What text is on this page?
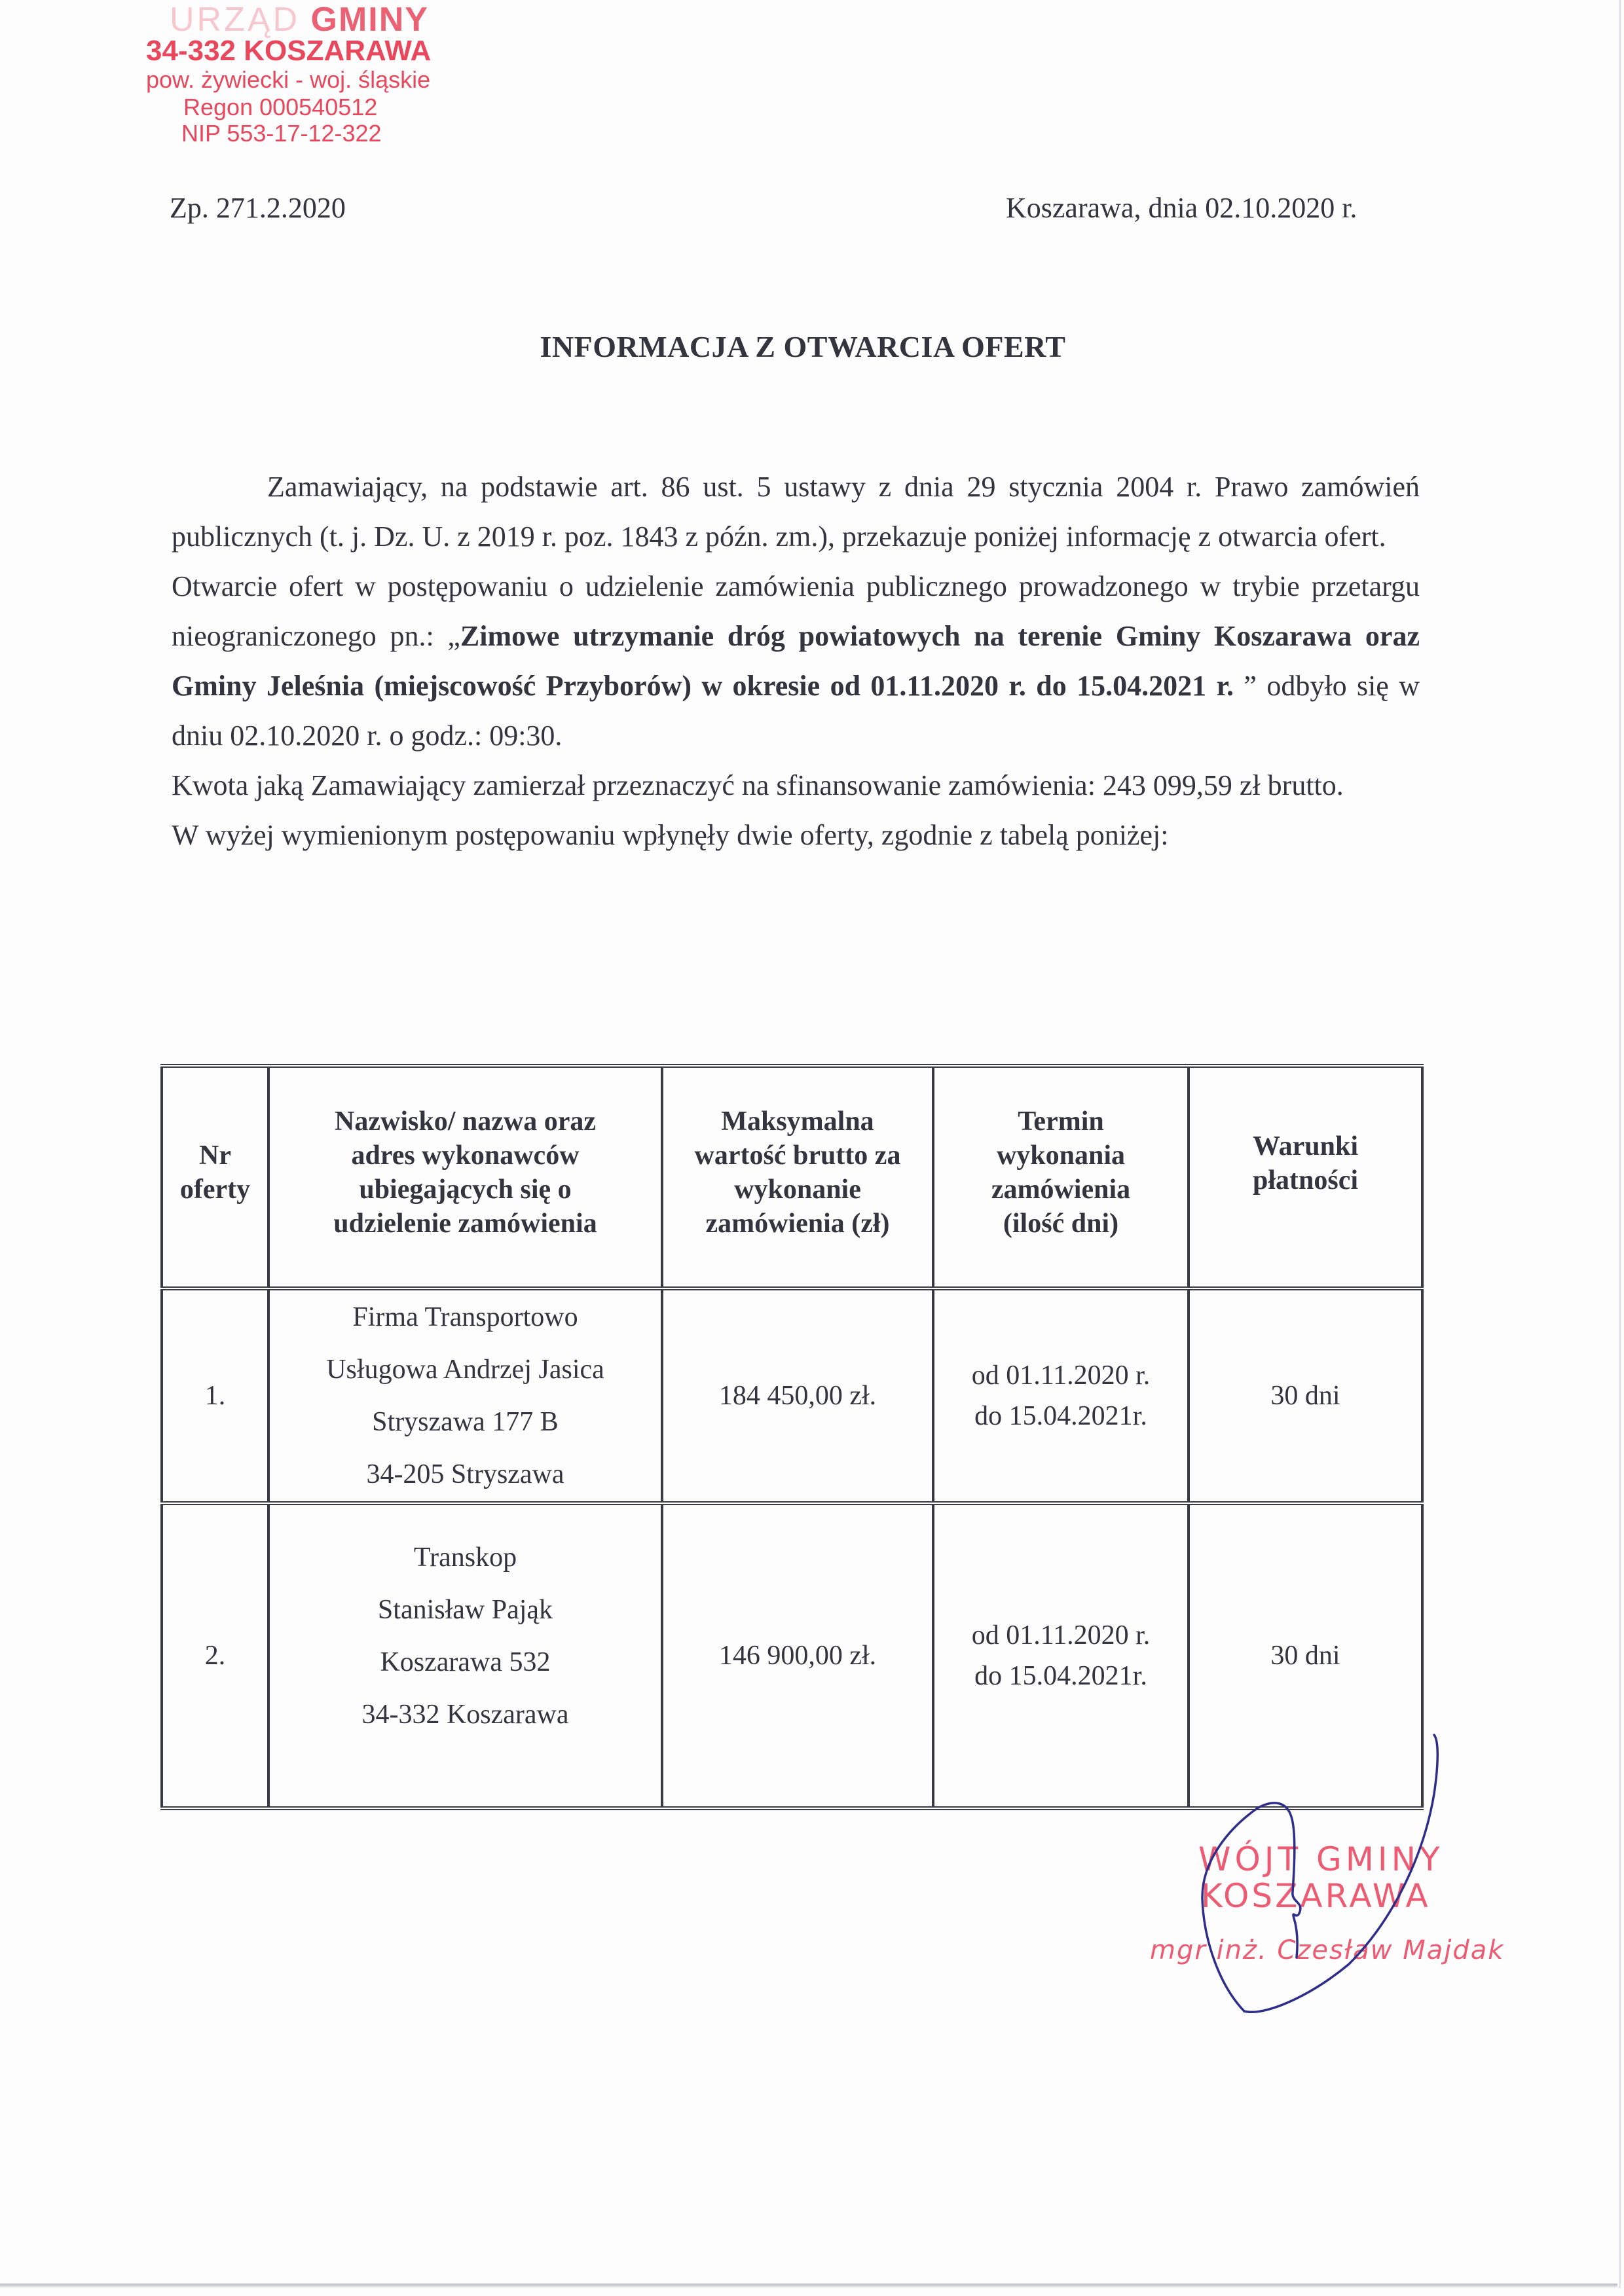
URZĄD GMINY
34-332 KOSZARAWA
pow. żywiecki - woj. śląskie
Regon 000540512
NIP 553-17-12-322
Zp. 271.2.2020	Koszarawa, dnia 02.10.2020 r.
INFORMACJA Z OTWARCIA OFERT

Zamawiający, na podstawie art. 86 ust. 5 ustawy z dnia 29 stycznia 2004 r. Prawo zamówień publicznych (t. j. Dz. U. z 2019 r. poz. 1843 z późn. zm.), przekazuje poniżej informację z otwarcia ofert.

Otwarcie ofert w postępowaniu o udzielenie zamówienia publicznego prowadzonego w trybie przetargu nieograniczonego pn.: „Zimowe utrzymanie dróg powiatowych na terenie Gminy Koszarawa oraz Gminy Jeleśnia (miejscowość Przyborów) w okresie od 01.11.2020 r. do 15.04.2021 r. ” odbyło się w dniu 02.10.2020 r. o godz.: 09:30.

Kwota jaką Zamawiający zamierzał przeznaczyć na sfinansowanie zamówienia: 243 099,59 zł brutto.

W wyżej wymienionym postępowaniu wpłynęły dwie oferty, zgodnie z tabelą poniżej:

Nr
oferty	Nazwisko/ nazwa oraz
adres wykonawców
ubiegających się o
udzielenie zamówienia	Maksymalna
wartość brutto za
wykonanie
zamówienia (zł)	Termin
wykonania
zamówienia
(ilość dni)	Warunki
płatności

1.	Firma Transportowo
Usługowa Andrzej Jasica
Stryszawa 177 B
34-205 Stryszawa	184 450,00 zł.	od 01.11.2020 r.
do 15.04.2021r.	30 dni
2.	Transkop
Stanisław Pająk
Koszarawa 532
34-332 Koszarawa	146 900,00 zł.	od 01.11.2020 r.
do 15.04.2021r.	30 dni
WÓJT GMINY
KOSZARAWA
mgr inż. Czesław Majdak
